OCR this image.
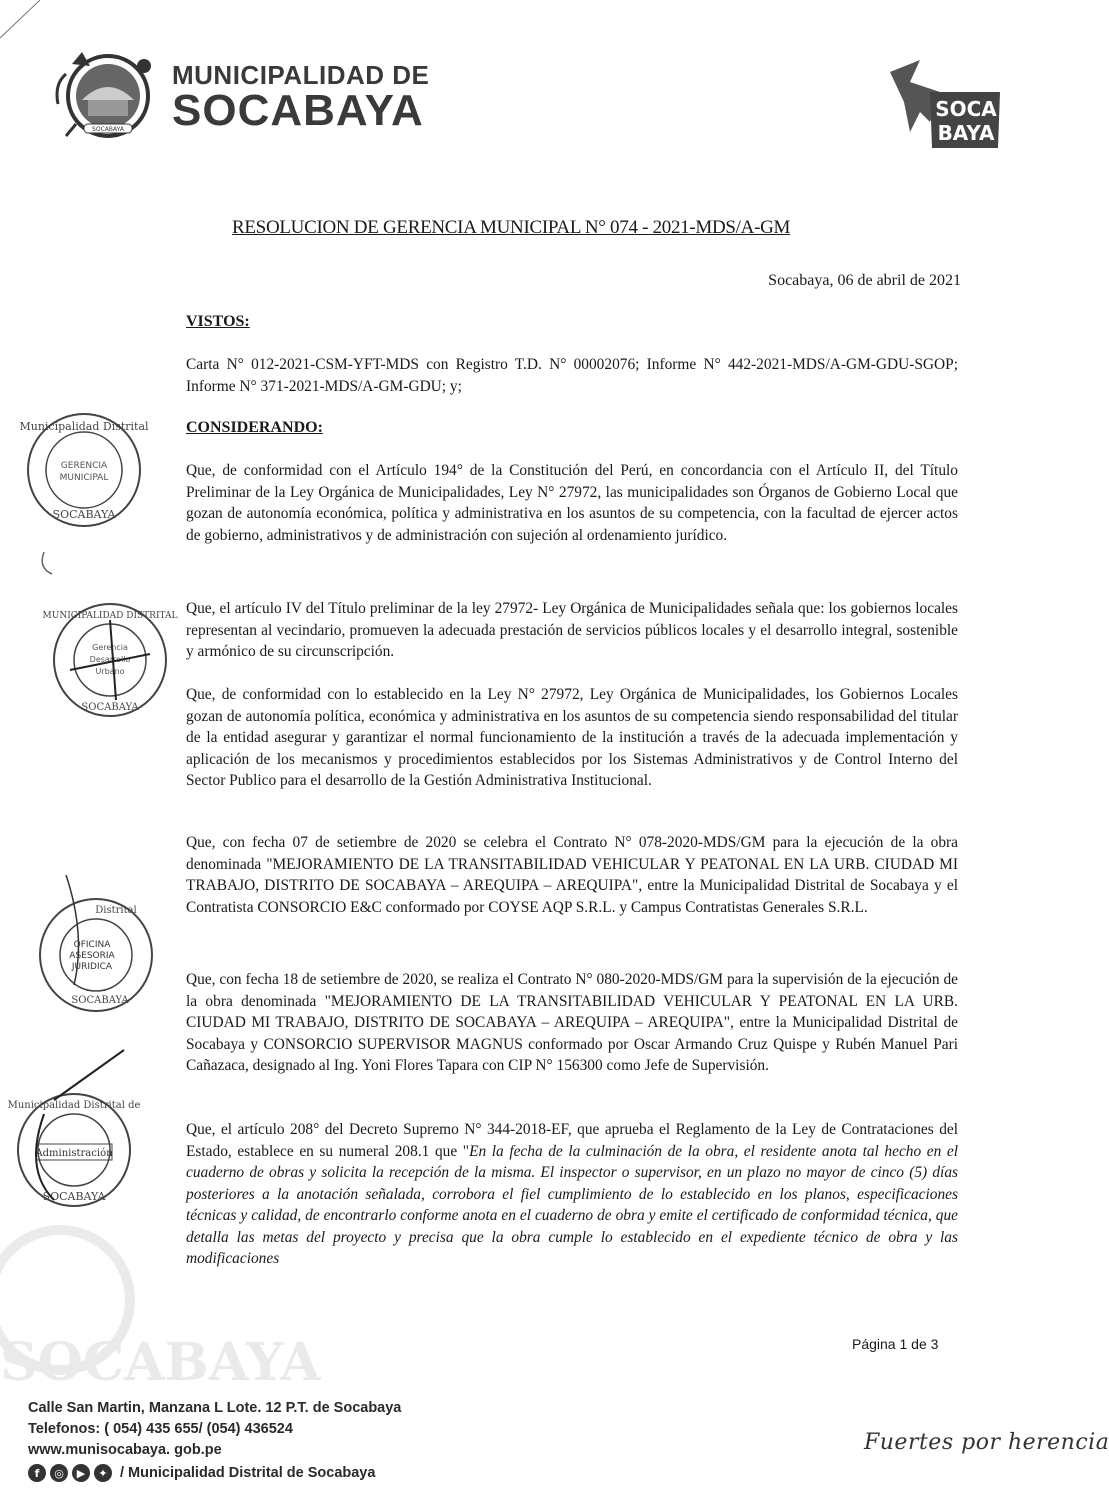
SOCABAYA
MUNICIPALIDAD DE
SOCABAYA	SOCA
BAYA
SOCABAYA
RESOLUCION DE GERENCIA MUNICIPAL N° 074 - 2021-MDS/A-GM
Socabaya, 06 de abril de 2021
VISTOS:

Carta N° 012-2021-CSM-YFT-MDS con Registro T.D. N° 00002076; Informe N° 442-2021-MDS/A-GM-GDU-SGOP; Informe N° 371-2021-MDS/A-GM-GDU; y;

CONSIDERANDO:

Que, de conformidad con el Artículo 194° de la Constitución del Perú, en concordancia con el Artículo II, del Título Preliminar de la Ley Orgánica de Municipalidades, Ley N° 27972, las municipalidades son Órganos de Gobierno Local que gozan de autonomía económica, política y administrativa en los asuntos de su competencia, con la facultad de ejercer actos de gobierno, administrativos y de administración con sujeción al ordenamiento jurídico.

Que, el artículo IV del Título preliminar de la ley 27972- Ley Orgánica de Municipalidades señala que: los gobiernos locales representan al vecindario, promueven la adecuada prestación de servicios públicos locales y el desarrollo integral, sostenible y armónico de su circunscripción.

Que, de conformidad con lo establecido en la Ley N° 27972, Ley Orgánica de Municipalidades, los Gobiernos Locales gozan de autonomía política, económica y administrativa en los asuntos de su competencia siendo responsabilidad del titular de la entidad asegurar y garantizar el normal funcionamiento de la institución a través de la adecuada implementación y aplicación de los mecanismos y procedimientos establecidos por los Sistemas Administrativos y de Control Interno del Sector Publico para el desarrollo de la Gestión Administrativa Institucional.

Que, con fecha 07 de setiembre de 2020 se celebra el Contrato N° 078-2020-MDS/GM para la ejecución de la obra denominada "MEJORAMIENTO DE LA TRANSITABILIDAD VEHICULAR Y PEATONAL EN LA URB. CIUDAD MI TRABAJO, DISTRITO DE SOCABAYA – AREQUIPA – AREQUIPA", entre la Municipalidad Distrital de Socabaya y el Contratista CONSORCIO E&C conformado por COYSE AQP S.R.L. y Campus Contratistas Generales S.R.L.

Que, con fecha 18 de setiembre de 2020, se realiza el Contrato N° 080-2020-MDS/GM para la supervisión de la ejecución de la obra denominada "MEJORAMIENTO DE LA TRANSITABILIDAD VEHICULAR Y PEATONAL EN LA URB. CIUDAD MI TRABAJO, DISTRITO DE SOCABAYA – AREQUIPA – AREQUIPA", entre la Municipalidad Distrital de Socabaya y CONSORCIO SUPERVISOR MAGNUS conformado por Oscar Armando Cruz Quispe y Rubén Manuel Pari Cañazaca, designado al Ing. Yoni Flores Tapara con CIP N° 156300 como Jefe de Supervisión.

Que, el artículo 208° del Decreto Supremo N° 344-2018-EF, que aprueba el Reglamento de la Ley de Contrataciones del Estado, establece en su numeral 208.1 que "En la fecha de la culminación de la obra, el residente anota tal hecho en el cuaderno de obras y solicita la recepción de la misma. El inspector o supervisor, en un plazo no mayor de cinco (5) días posteriores a la anotación señalada, corrobora el fiel cumplimiento de lo establecido en los planos, especificaciones técnicas y calidad, de encontrarlo conforme anota en el cuaderno de obra y emite el certificado de conformidad técnica, que detalla las metas del proyecto y precisa que la obra cumple lo establecido en el expediente técnico de obra y las modificaciones

Municipalidad Distrital
GERENCIA
MUNICIPAL
SOCABAYA
MUNICIPALIDAD DISTRITAL
Gerencia
Desarrollo
Urbano
SOCABAYA
Distrital
OFICINA
ASESORIA
JURIDICA
SOCABAYA
Municipalidad Distrital de
Administración
SOCABAYA
Página 1 de 3
Calle San Martin, Manzana L Lote. 12 P.T. de Socabaya
Telefonos: ( 054) 435 655/ (054) 436524
www.munisocabaya. gob.pe
f	◎	▶	✦ / Municipalidad Distrital de Socabaya
Fuertes por herencia
